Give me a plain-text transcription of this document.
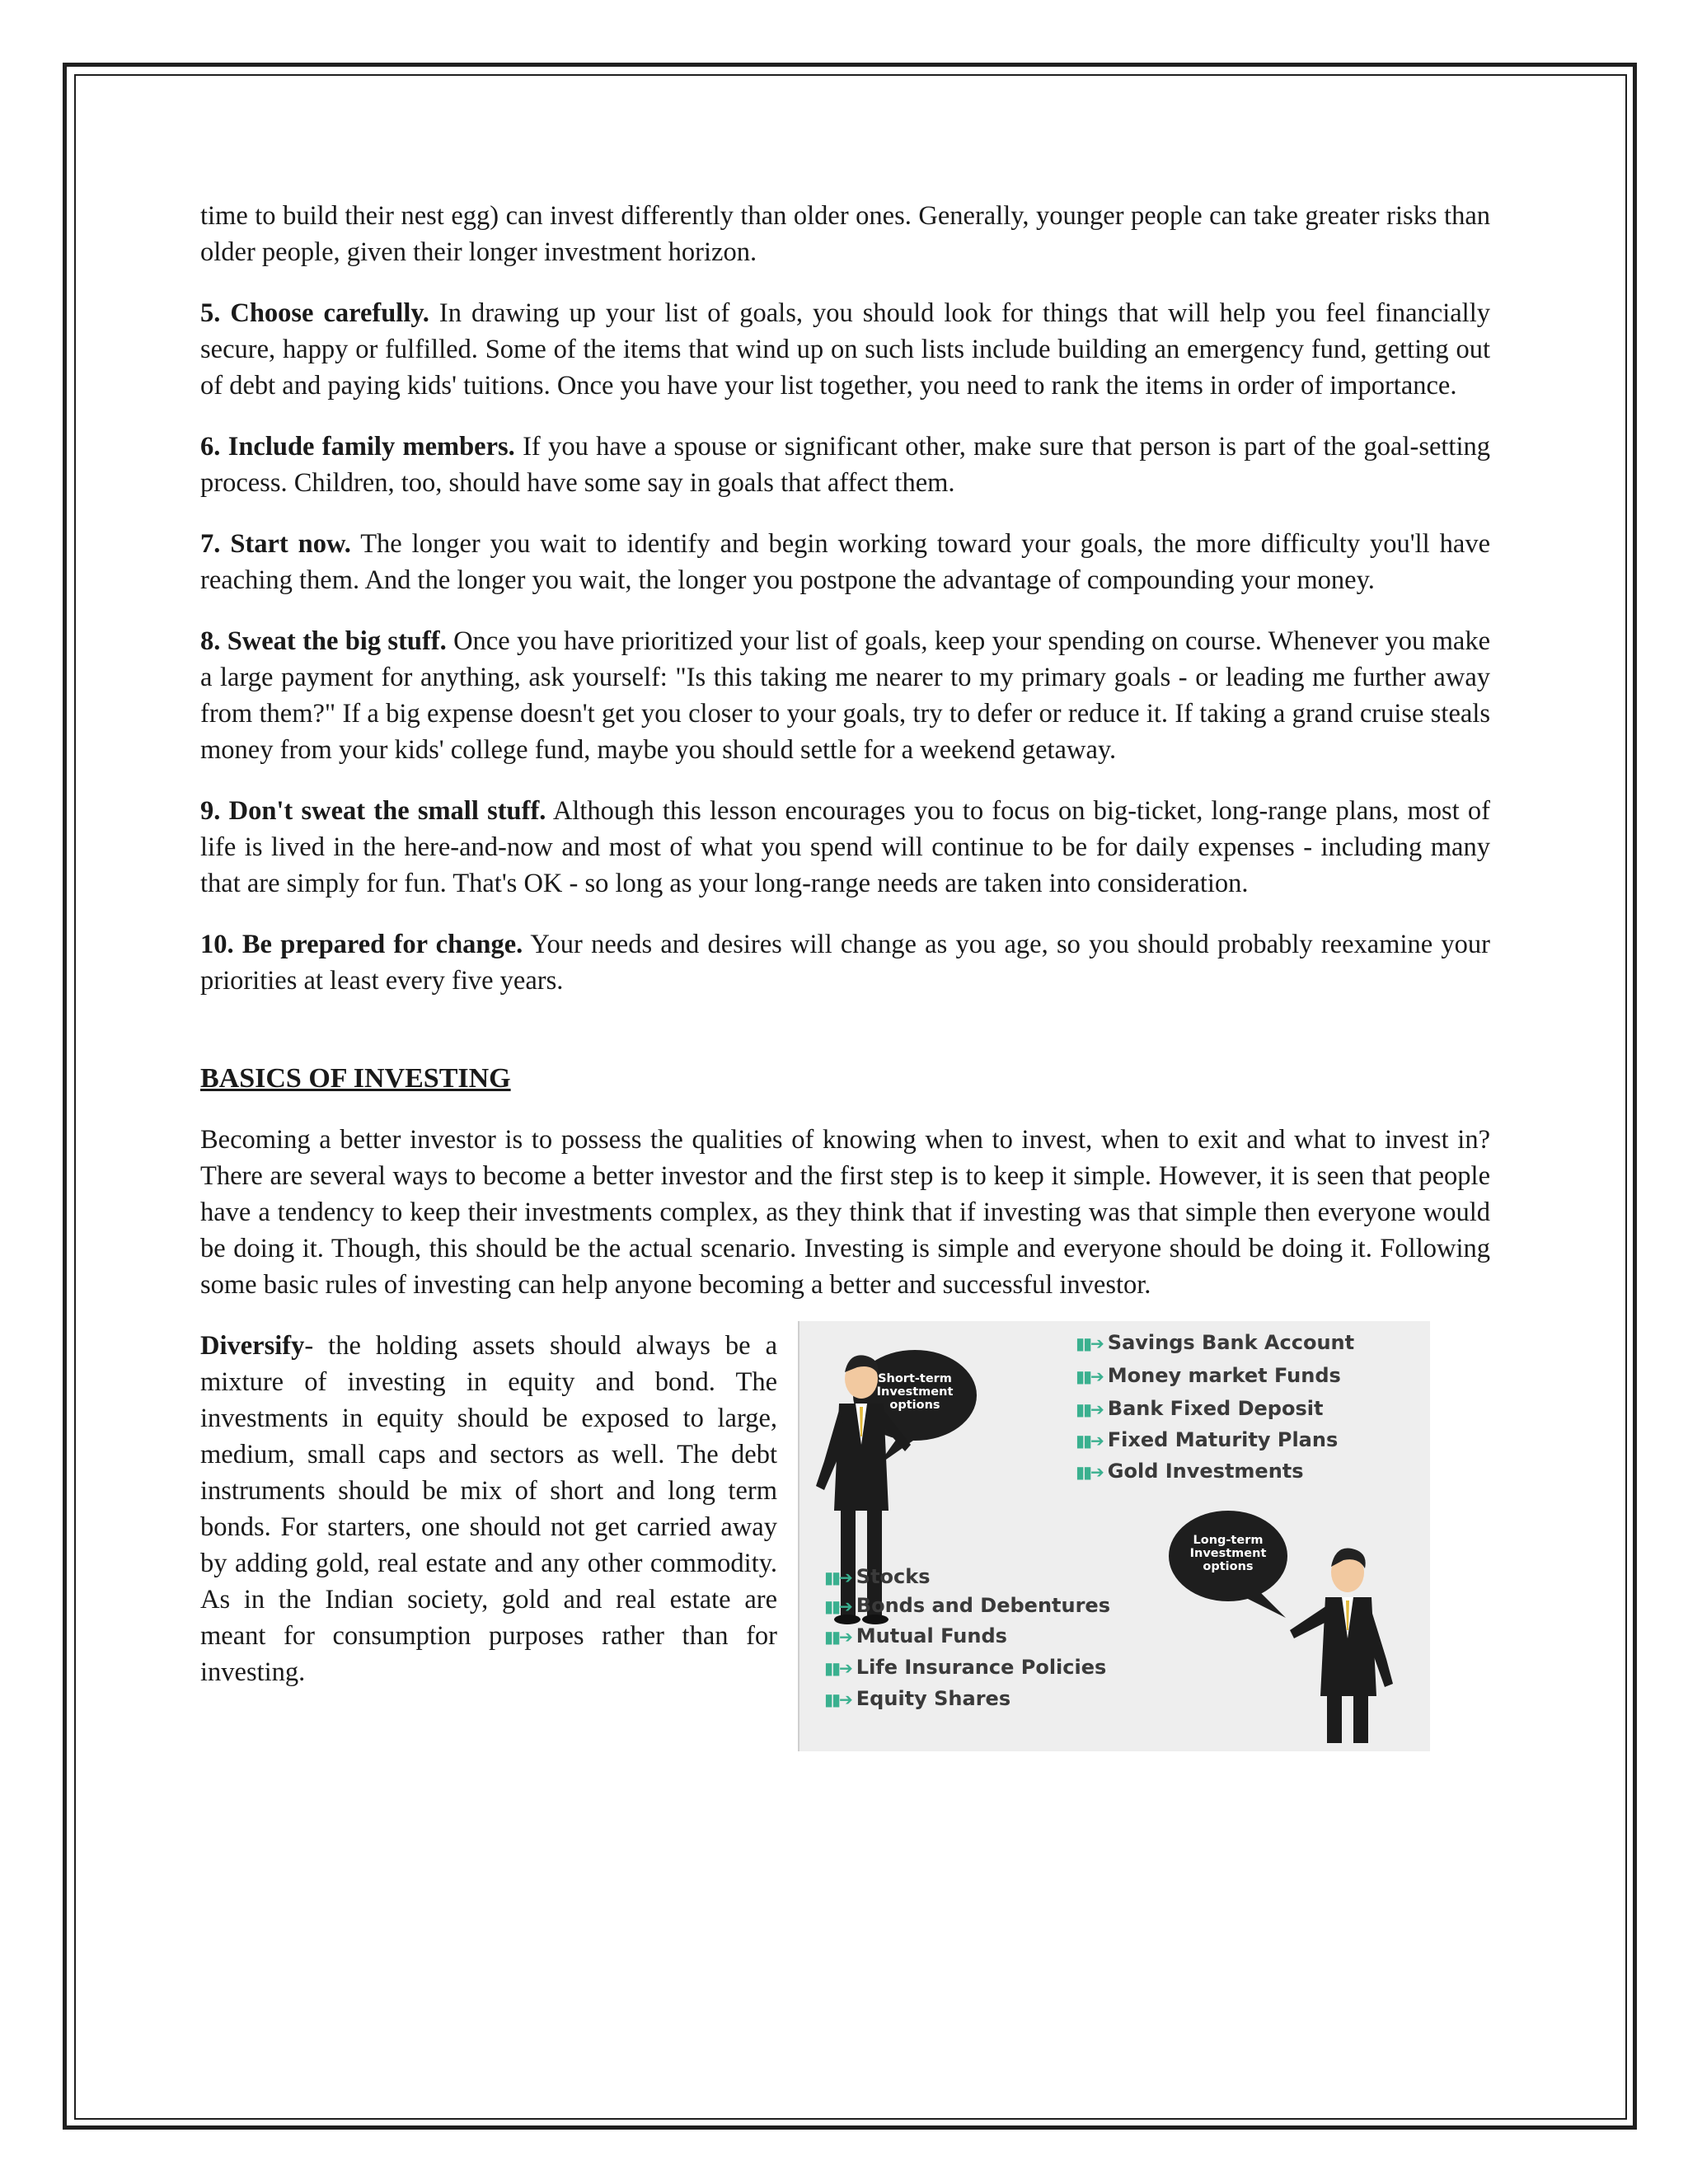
time to build their nest egg) can invest differently than older ones. Generally, younger people can take greater risks than older people, given their longer investment horizon.

5. Choose carefully. In drawing up your list of goals, you should look for things that will help you feel financially secure, happy or fulfilled. Some of the items that wind up on such lists include building an emergency fund, getting out of debt and paying kids' tuitions. Once you have your list together, you need to rank the items in order of importance.

6. Include family members. If you have a spouse or significant other, make sure that person is part of the goal-setting process. Children, too, should have some say in goals that affect them.

7. Start now. The longer you wait to identify and begin working toward your goals, the more difficulty you'll have reaching them. And the longer you wait, the longer you postpone the advantage of compounding your money.

8. Sweat the big stuff. Once you have prioritized your list of goals, keep your spending on course. Whenever you make a large payment for anything, ask yourself: "Is this taking me nearer to my primary goals - or leading me further away from them?" If a big expense doesn't get you closer to your goals, try to defer or reduce it. If taking a grand cruise steals money from your kids' college fund, maybe you should settle for a weekend getaway.

9. Don't sweat the small stuff. Although this lesson encourages you to focus on big-ticket, long-range plans, most of life is lived in the here-and-now and most of what you spend will continue to be for daily expenses - including many that are simply for fun. That's OK - so long as your long-range needs are taken into consideration.

10. Be prepared for change. Your needs and desires will change as you age, so you should probably reexamine your priorities at least every five years.

BASICS OF INVESTING

Becoming a better investor is to possess the qualities of knowing when to invest, when to exit and what to invest in? There are several ways to become a better investor and the first step is to keep it simple. However, it is seen that people have a tendency to keep their investments complex, as they think that if investing was that simple then everyone would be doing it. Though, this should be the actual scenario. Investing is simple and everyone should be doing it. Following some basic rules of investing can help anyone becoming a better and successful investor.

Diversify- the holding assets should always be a mixture of investing in equity and bond. The investments in equity should be exposed to large, medium, small caps and sectors as well. The debt instruments should be mix of short and long term bonds. For starters, one should not get carried away by adding gold, real estate and any other commodity. As in the Indian society, gold and real estate are meant for consumption purposes rather than for investing.

Short-term
Investment
options
Long-term
Investment
options
▮▮➔ Savings Bank Account
▮▮➔ Money market Funds
▮▮➔ Bank Fixed Deposit
▮▮➔ Fixed Maturity Plans
▮▮➔ Gold Investments
▮▮➔ Stocks
▮▮➔ Bonds and Debentures
▮▮➔ Mutual Funds
▮▮➔ Life Insurance Policies
▮▮➔ Equity Shares
